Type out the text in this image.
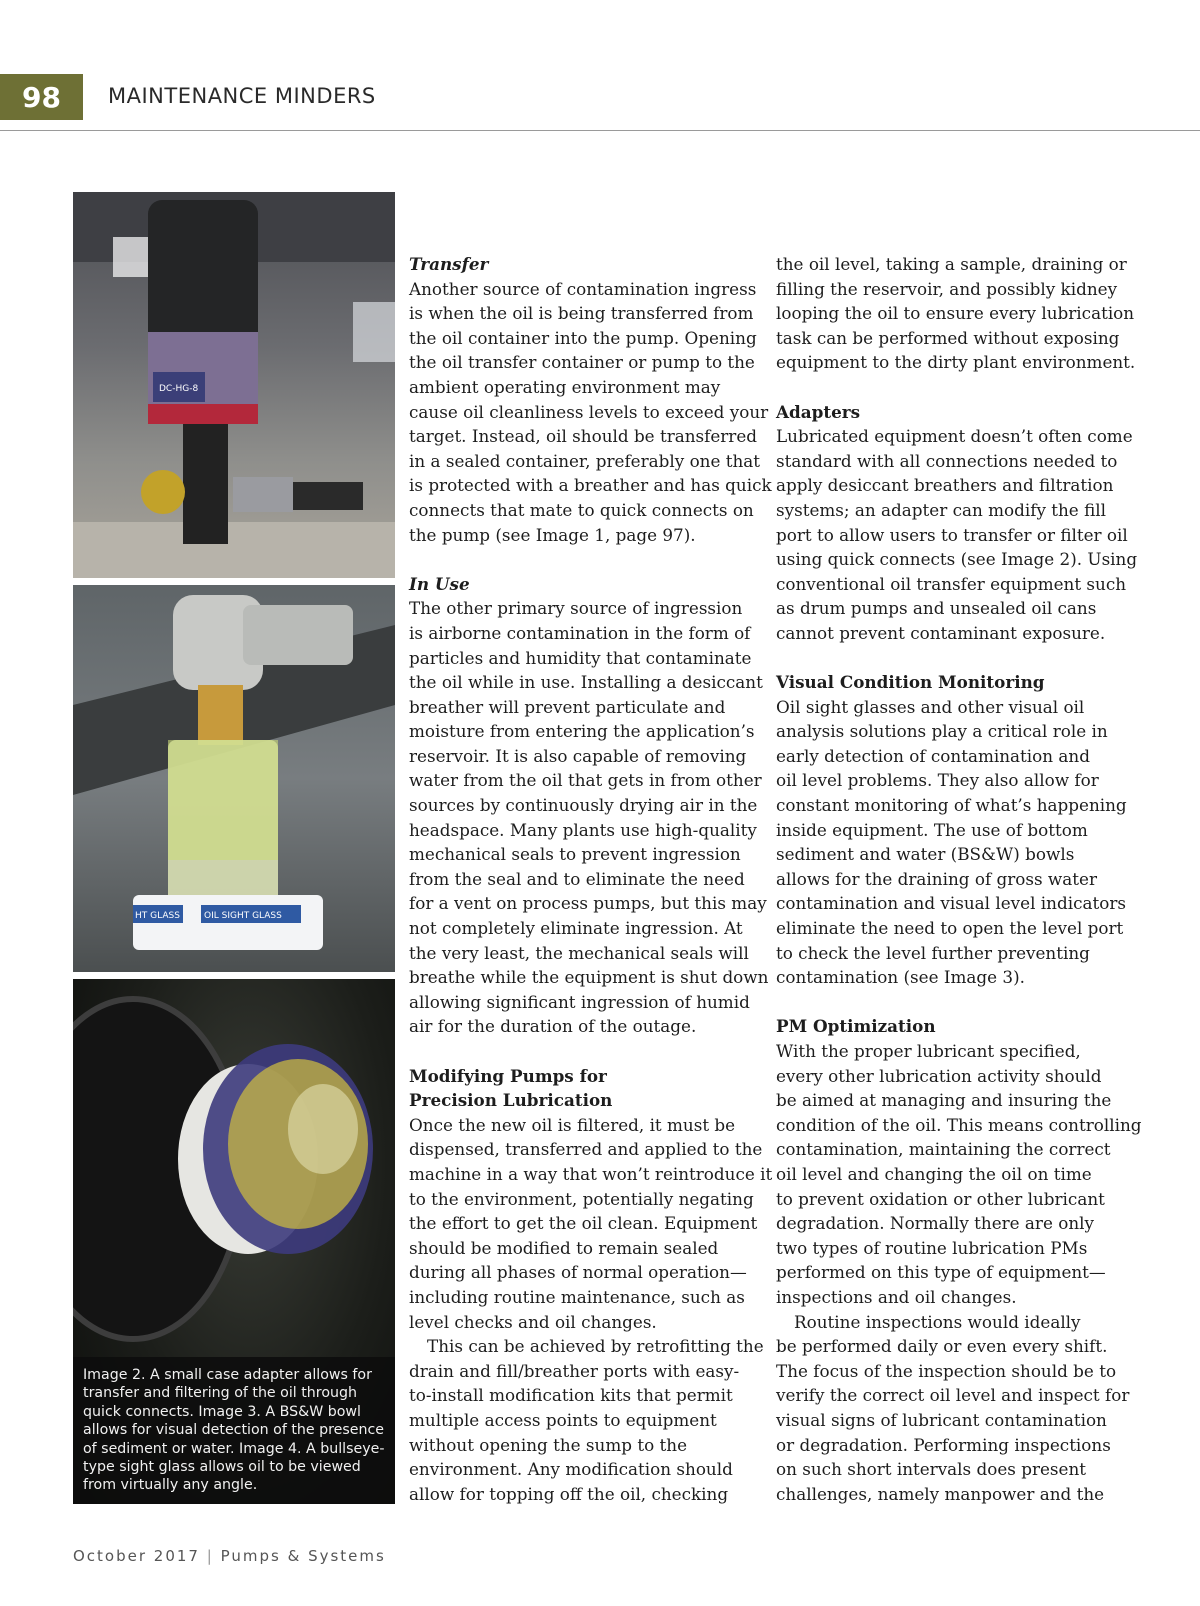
98	MAINTENANCE MINDERS
DC-HG-8
HT GLASS	OIL SIGHT GLASS

Image 2. A small case adapter allows for

transfer and filtering of the oil through

quick connects. Image 3. A BS&W bowl

allows for visual detection of the presence

of sediment or water. Image 4. A bullseye-

type sight glass allows oil to be viewed

from virtually any angle.

Transfer

Another source of contamination ingress

is when the oil is being transferred from

the oil container into the pump. Opening

the oil transfer container or pump to the

ambient operating environment may

cause oil cleanliness levels to exceed your

target. Instead, oil should be transferred

in a sealed container, preferably one that

is protected with a breather and has quick

connects that mate to quick connects on

the pump (see Image 1, page 97).

In Use

The other primary source of ingression

is airborne contamination in the form of

particles and humidity that contaminate

the oil while in use. Installing a desiccant

breather will prevent particulate and

moisture from entering the application’s

reservoir. It is also capable of removing

water from the oil that gets in from other

sources by continuously drying air in the

headspace. Many plants use high-quality

mechanical seals to prevent ingression

from the seal and to eliminate the need

for a vent on process pumps, but this may

not completely eliminate ingression. At

the very least, the mechanical seals will

breathe while the equipment is shut down

allowing significant ingression of humid

air for the duration of the outage.

Modifying Pumps for

Precision Lubrication

Once the new oil is filtered, it must be

dispensed, transferred and applied to the

machine in a way that won’t reintroduce it

to the environment, potentially negating

the effort to get the oil clean. Equipment

should be modified to remain sealed

during all phases of normal operation—

including routine maintenance, such as

level checks and oil changes.

This can be achieved by retrofitting the

drain and fill/breather ports with easy-

to-install modification kits that permit

multiple access points to equipment

without opening the sump to the

environment. Any modification should

allow for topping off the oil, checking

the oil level, taking a sample, draining or

filling the reservoir, and possibly kidney

looping the oil to ensure every lubrication

task can be performed without exposing

equipment to the dirty plant environment.

Adapters

Lubricated equipment doesn’t often come

standard with all connections needed to

apply desiccant breathers and filtration

systems; an adapter can modify the fill

port to allow users to transfer or filter oil

using quick connects (see Image 2). Using

conventional oil transfer equipment such

as drum pumps and unsealed oil cans

cannot prevent contaminant exposure.

Visual Condition Monitoring

Oil sight glasses and other visual oil

analysis solutions play a critical role in

early detection of contamination and

oil level problems. They also allow for

constant monitoring of what’s happening

inside equipment. The use of bottom

sediment and water (BS&W) bowls

allows for the draining of gross water

contamination and visual level indicators

eliminate the need to open the level port

to check the level further preventing

contamination (see Image 3).

PM Optimization

With the proper lubricant specified,

every other lubrication activity should

be aimed at managing and insuring the

condition of the oil. This means controlling

contamination, maintaining the correct

oil level and changing the oil on time

to prevent oxidation or other lubricant

degradation. Normally there are only

two types of routine lubrication PMs

performed on this type of equipment—

inspections and oil changes.

Routine inspections would ideally

be performed daily or even every shift.

The focus of the inspection should be to

verify the correct oil level and inspect for

visual signs of lubricant contamination

or degradation. Performing inspections

on such short intervals does present

challenges, namely manpower and the

October 2017 | Pumps & Systems
